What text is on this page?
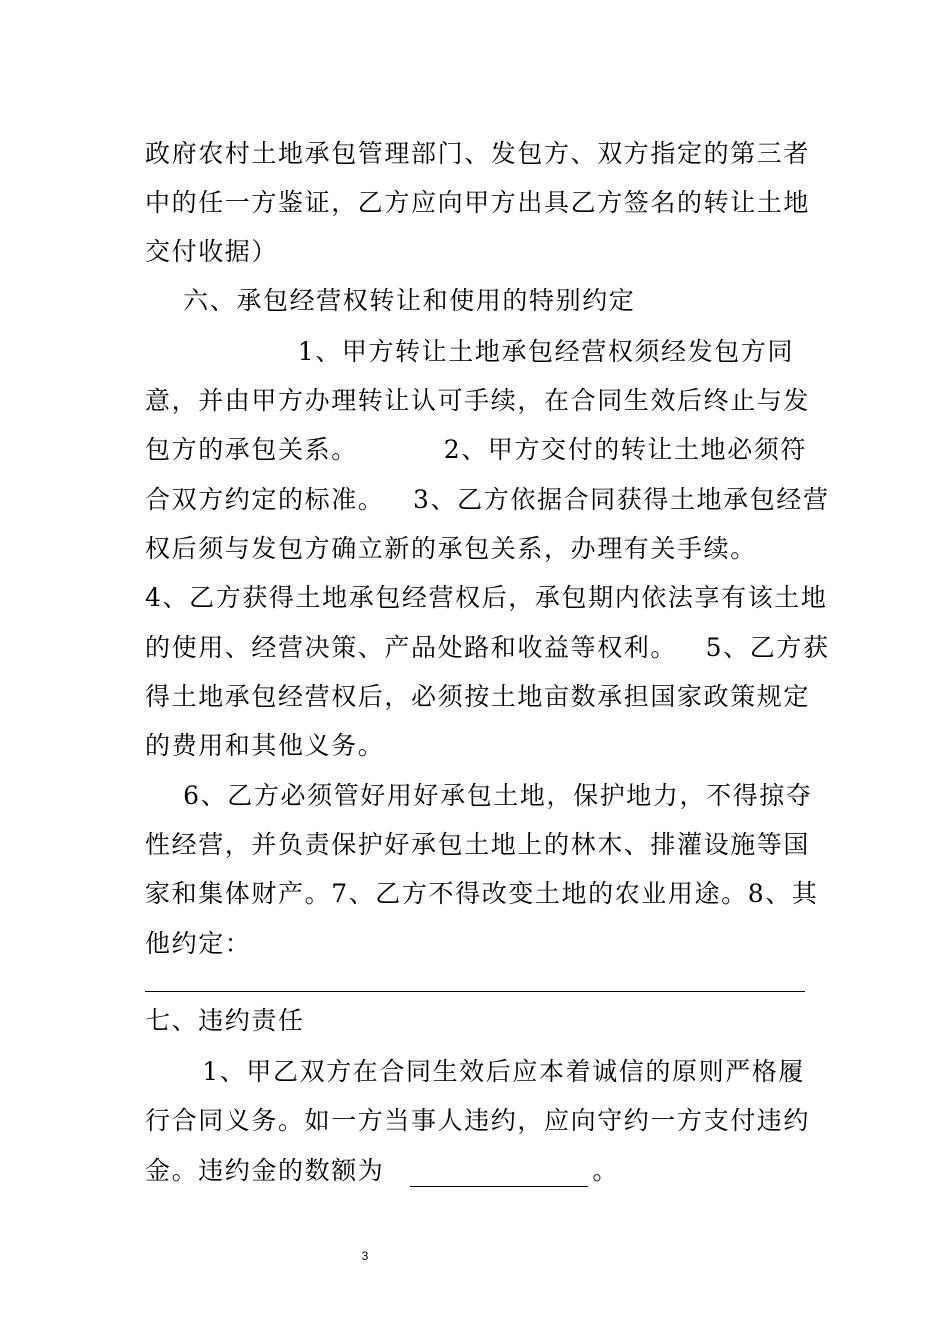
政府农村土地承包管理部门、发包方、双方指定的第三者
中的任一方鉴证，乙方应向甲方出具乙方签名的转让土地
交付收据）
六、承包经营权转让和使用的特别约定
1、甲方转让土地承包经营权须经发包方同
意，并由甲方办理转让认可手续，在合同生效后终止与发
包方的承包关系。         2、甲方交付的转让土地必须符
合双方约定的标准。   3、乙方依据合同获得土地承包经营
权后须与发包方确立新的承包关系，办理有关手续。
4、乙方获得土地承包经营权后，承包期内依法享有该土地
的使用、经营决策、产品处路和收益等权利。   5、乙方获
得土地承包经营权后，必须按土地亩数承担国家政策规定
的费用和其他义务。
6、乙方必须管好用好承包土地，保护地力，不得掠夺
性经营，并负责保护好承包土地上的林木、排灌设施等国
家和集体财产。7、乙方不得改变土地的农业用途。8、其
他约定：
七、违约责任
1、甲乙双方在合同生效后应本着诚信的原则严格履
行合同义务。如一方当事人违约，应向守约一方支付违约
金。违约金的数额为	。
3
